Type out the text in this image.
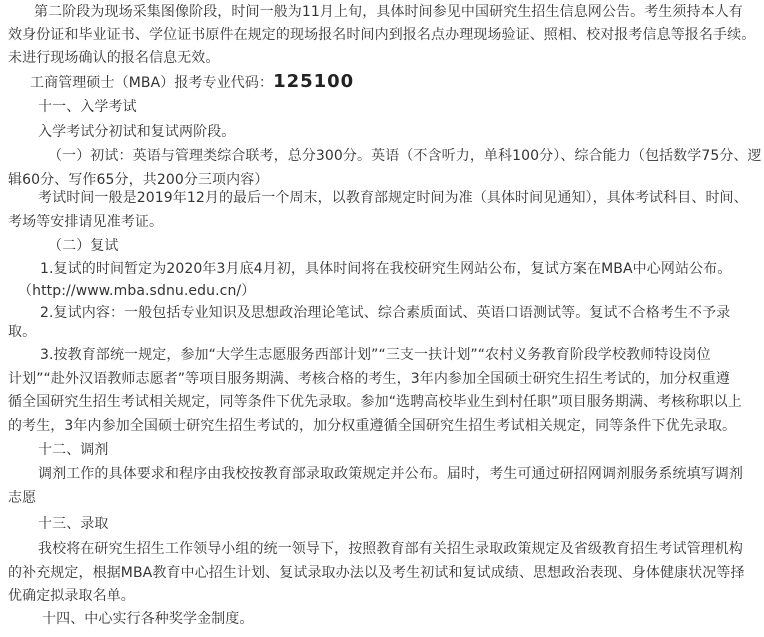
第二阶段为现场采集图像阶段，时间一般为11月上旬，具体时间参见中国研究生招生信息网公告。考生须持本人有
效身份证和毕业证书、学位证书原件在规定的现场报名时间内到报名点办理现场验证、照相、校对报考信息等报名手续。
未进行现场确认的报名信息无效。
工商管理硕士（MBA）报考专业代码：125100
十一、入学考试
入学考试分初试和复试两阶段。
（一）初试：英语与管理类综合联考，总分300分。英语（不含听力，单科100分）、综合能力（包括数学75分、逻
辑60分、写作65分，共200分三项内容）
考试时间一般是2019年12月的最后一个周末，以教育部规定时间为准（具体时间见通知），具体考试科目、时间、
考场等安排请见准考证。
（二）复试
1.复试的时间暂定为2020年3月底4月初，具体时间将在我校研究生网站公布，复试方案在MBA中心网站公布。
（http://www.mba.sdnu.edu.cn/）
2.复试内容：一般包括专业知识及思想政治理论笔试、综合素质面试、英语口语测试等。复试不合格考生不予录
取。
3.按教育部统一规定，参加“大学生志愿服务西部计划”“三支一扶计划”“农村义务教育阶段学校教师特设岗位
计划”“赴外汉语教师志愿者”等项目服务期满、考核合格的考生，3年内参加全国硕士研究生招生考试的，加分权重遵
循全国研究生招生考试相关规定，同等条件下优先录取。参加“选聘高校毕业生到村任职”项目服务期满、考核称职以上
的考生，3年内参加全国硕士研究生招生考试的，加分权重遵循全国研究生招生考试相关规定，同等条件下优先录取。
十二、调剂
调剂工作的具体要求和程序由我校按教育部录取政策规定并公布。届时，考生可通过研招网调剂服务系统填写调剂
志愿
十三、录取
我校将在研究生招生工作领导小组的统一领导下，按照教育部有关招生录取政策规定及省级教育招生考试管理机构
的补充规定，根据MBA教育中心招生计划、复试录取办法以及考生初试和复试成绩、思想政治表现、身体健康状况等择
优确定拟录取名单。
十四、中心实行各种奖学金制度。
